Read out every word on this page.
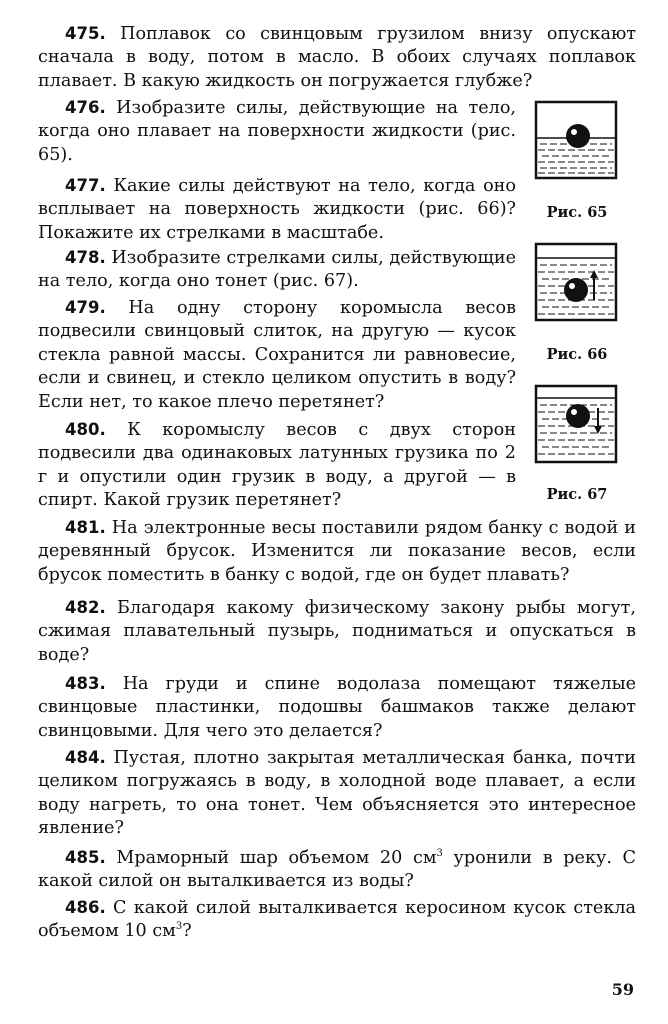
475. Поплавок со свинцовым грузилом внизу опускают сначала в воду, потом в масло. В обоих случаях поплавок плавает. В какую жидкость он погружается глубже?

476. Изобразите силы, действующие на тело, когда оно плавает на поверхности жидкости (рис. 65).

477. Какие силы действуют на тело, когда оно всплывает на поверхность жидкости (рис. 66)? Покажите их стрелками в масштабе.

478. Изобразите стрелками силы, действующие на тело, когда оно тонет (рис. 67).

479. На одну сторону коромысла весов подвесили свинцовый слиток, на другую — кусок стекла равной массы. Сохранится ли равновесие, если и свинец, и стекло целиком опустить в воду? Если нет, то какое плечо перетянет?

480. К коромыслу весов с двух сторон подвесили два одинаковых латунных грузика по 2 г и опустили один грузик в воду, а другой — в спирт. Какой грузик перетянет?

481. На электронные весы поставили рядом банку с водой и деревянный брусок. Изменится ли показание весов, если брусок поместить в банку с водой, где он будет плавать?

482. Благодаря какому физическому закону рыбы могут, сжимая плавательный пузырь, подниматься и опускаться в воде?

483. На груди и спине водолаза помещают тяжелые свинцовые пластинки, подошвы башмаков также делают свинцовыми. Для чего это делается?

484. Пустая, плотно закрытая металлическая банка, почти целиком погружаясь в воду, в холодной воде плавает, а если воду нагреть, то она тонет. Чем объясняется это интересное явление?

485. Мраморный шар объемом 20 $см^3$ уронили в реку. С какой силой он выталкивается из воды?

486. С какой силой выталкивается керосином кусок стекла объемом 10 $см^3$?

Рис. 65
Рис. 66
Рис. 67
59
